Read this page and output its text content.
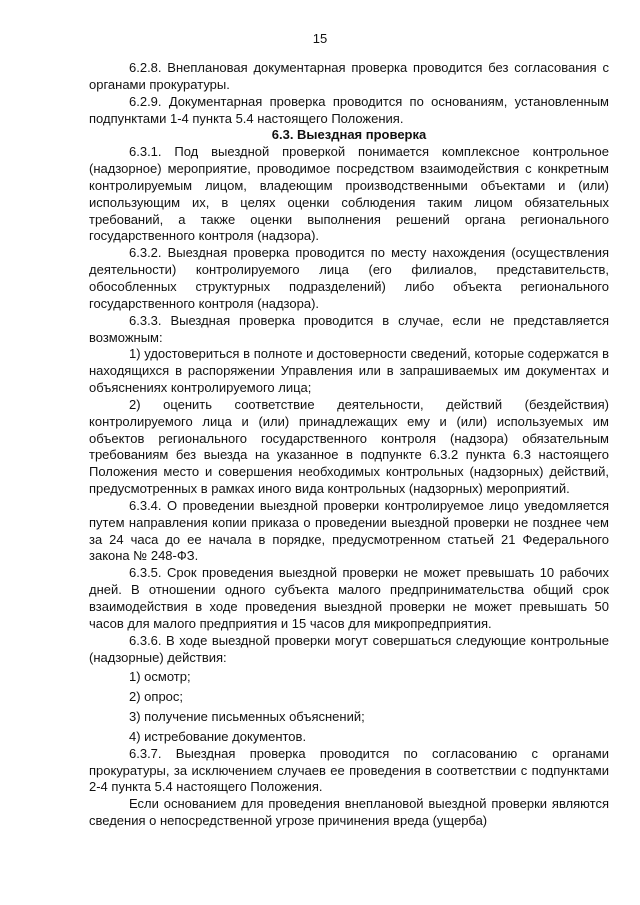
15

6.2.8. Внеплановая документарная проверка проводится без согласования с органами прокуратуры.

6.2.9. Документарная проверка проводится по основаниям, установленным подпунктами 1-4 пункта 5.4 настоящего Положения.

6.3. Выездная проверка

6.3.1. Под выездной проверкой понимается комплексное контрольное (надзорное) мероприятие, проводимое посредством взаимодействия с конкретным контролируемым лицом, владеющим производственными объектами и (или) использующим их, в целях оценки соблюдения таким лицом обязательных требований, а также оценки выполнения решений органа регионального государственного контроля (надзора).

6.3.2. Выездная проверка проводится по месту нахождения (осуществления деятельности) контролируемого лица (его филиалов, представительств, обособленных структурных подразделений) либо объекта регионального государственного контроля (надзора).

6.3.3. Выездная проверка проводится в случае, если не представляется возможным:

1) удостовериться в полноте и достоверности сведений, которые содержатся в находящихся в распоряжении Управления или в запрашиваемых им документах и объяснениях контролируемого лица;

2) оценить соответствие деятельности, действий (бездействия) контролируемого лица и (или) принадлежащих ему и (или) используемых им объектов регионального государственного контроля (надзора) обязательным требованиям без выезда на указанное в подпункте 6.3.2 пункта 6.3 настоящего Положения место и совершения необходимых контрольных (надзорных) действий, предусмотренных в рамках иного вида контрольных (надзорных) мероприятий.

6.3.4. О проведении выездной проверки контролируемое лицо уведомляется путем направления копии приказа о проведении выездной проверки не позднее чем за 24 часа до ее начала в порядке, предусмотренном статьей 21 Федерального закона № 248-ФЗ.

6.3.5. Срок проведения выездной проверки не может превышать 10 рабочих дней. В отношении одного субъекта малого предпринимательства общий срок взаимодействия в ходе проведения выездной проверки не может превышать 50 часов для малого предприятия и 15 часов для микропредприятия.

6.3.6. В ходе выездной проверки могут совершаться следующие контрольные (надзорные) действия:

1) осмотр;
2) опрос;
3) получение письменных объяснений;
4) истребование документов.

6.3.7. Выездная проверка проводится по согласованию с органами прокуратуры, за исключением случаев ее проведения в соответствии с подпунктами 2-4 пункта 5.4 настоящего Положения.

Если основанием для проведения внеплановой выездной проверки являются сведения о непосредственной угрозе причинения вреда (ущерба)
